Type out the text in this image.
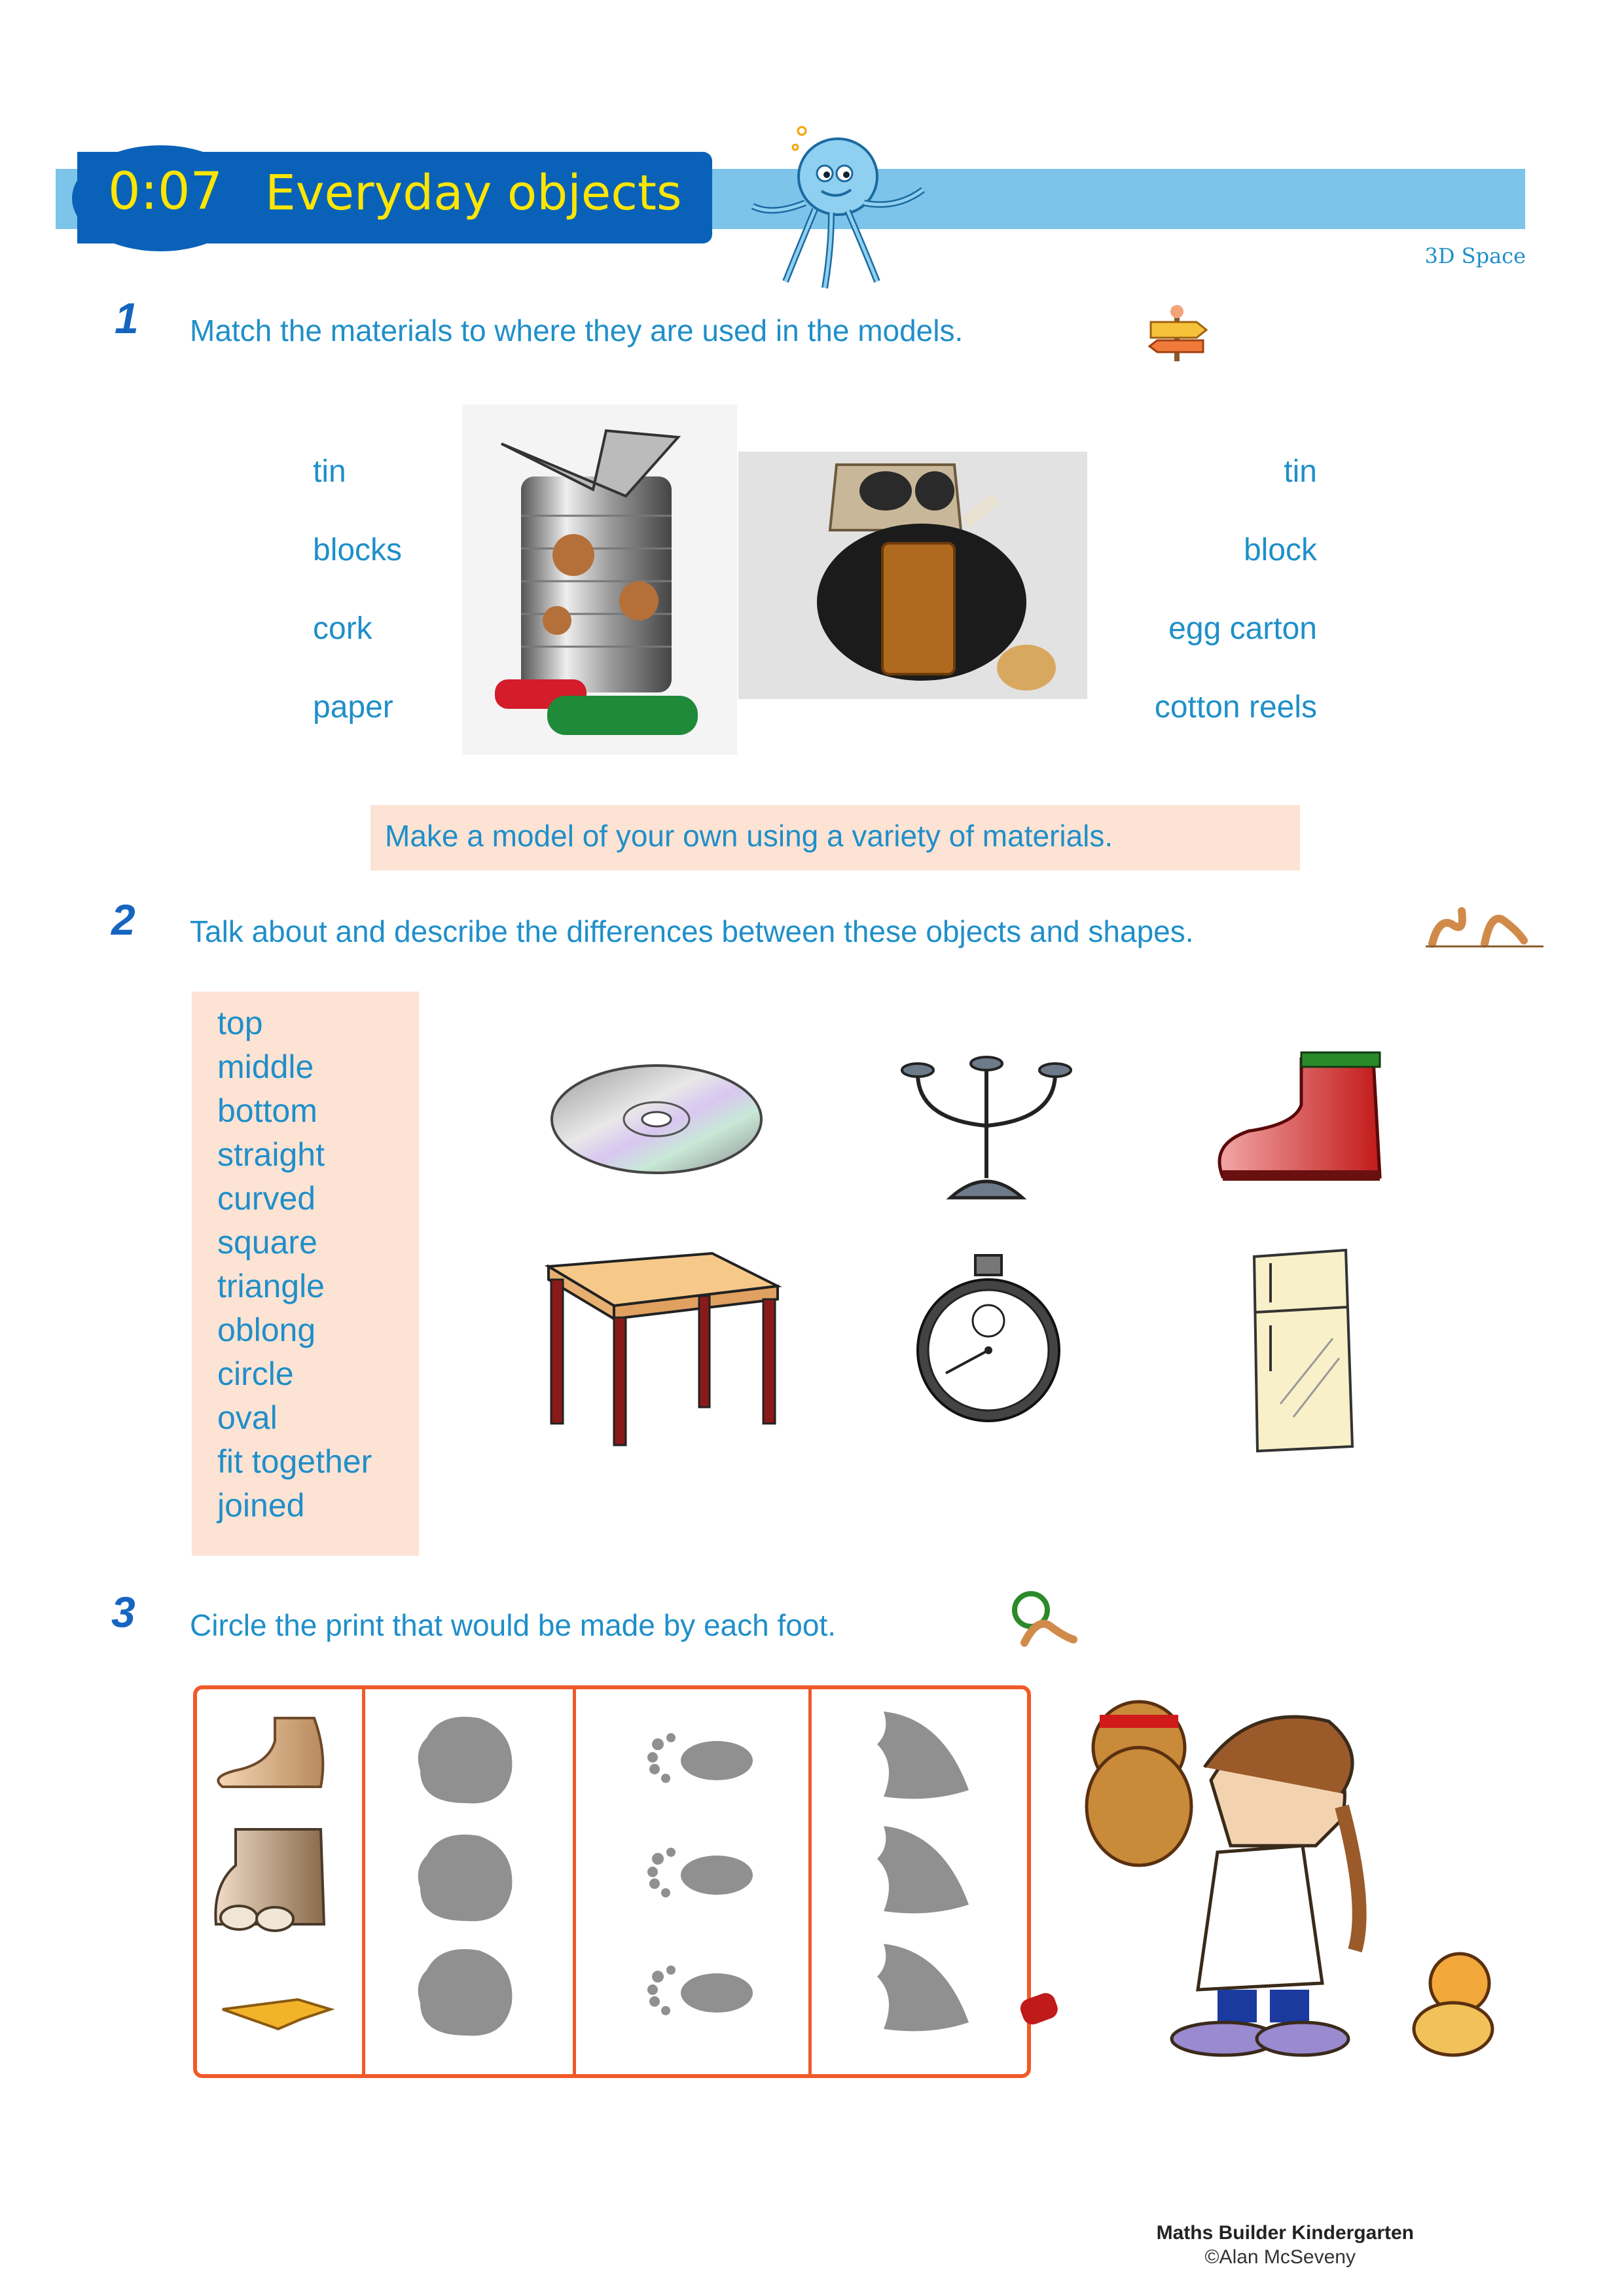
0:07 Everyday objects
3D Space
1 Match the materials to where they are used in the models.
tin
blocks
cork
paper
tin
block
egg carton
cotton reels
Make a model of your own using a variety of materials.
2 Talk about and describe the differences between these objects and shapes.
top
middle
bottom
straight
curved
square
triangle
oblong
circle
oval
fit together
joined
3 Circle the print that would be made by each foot.
Maths Builder Kindergarten
©Alan McSeveny
